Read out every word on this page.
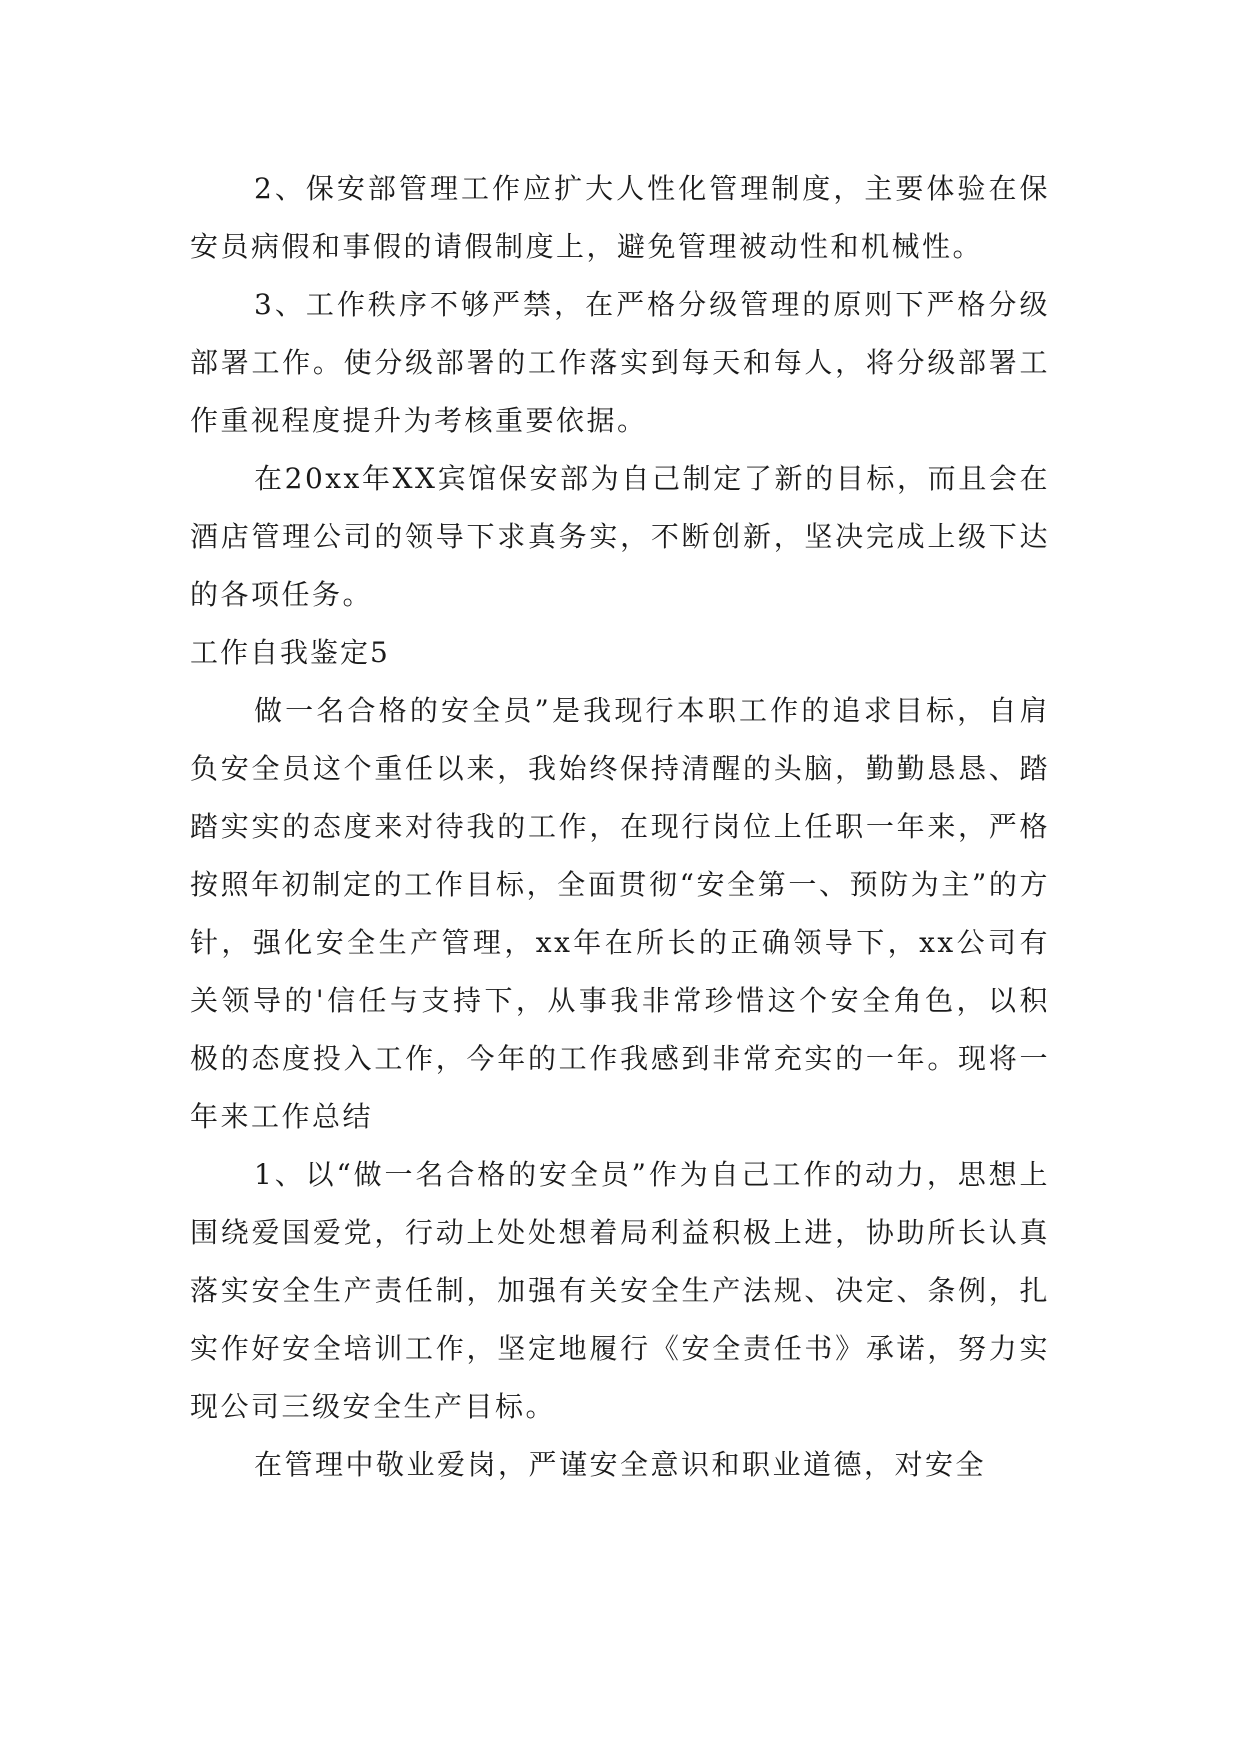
2、保安部管理工作应扩大人性化管理制度，主要体验在保安员病假和事假的请假制度上，避免管理被动性和机械性。

3、工作秩序不够严禁，在严格分级管理的原则下严格分级部署工作。使分级部署的工作落实到每天和每人，将分级部署工作重视程度提升为考核重要依据。

在20xx年XX宾馆保安部为自己制定了新的目标，而且会在酒店管理公司的领导下求真务实，不断创新，坚决完成上级下达的各项任务。

工作自我鉴定5

做一名合格的安全员”是我现行本职工作的追求目标，自肩负安全员这个重任以来，我始终保持清醒的头脑，勤勤恳恳、踏踏实实的态度来对待我的工作，在现行岗位上任职一年来，严格按照年初制定的工作目标，全面贯彻“安全第一、预防为主”的方针，强化安全生产管理，xx年在所长的正确领导下，xx公司有关领导的'信任与支持下，从事我非常珍惜这个安全角色，以积极的态度投入工作，今年的工作我感到非常充实的一年。现将一年来工作总结

1、以“做一名合格的安全员”作为自己工作的动力，思想上围绕爱国爱党，行动上处处想着局利益积极上进，协助所长认真落实安全生产责任制，加强有关安全生产法规、决定、条例，扎实作好安全培训工作，坚定地履行《安全责任书》承诺，努力实现公司三级安全生产目标。

在管理中敬业爱岗，严谨安全意识和职业道德，对安全
